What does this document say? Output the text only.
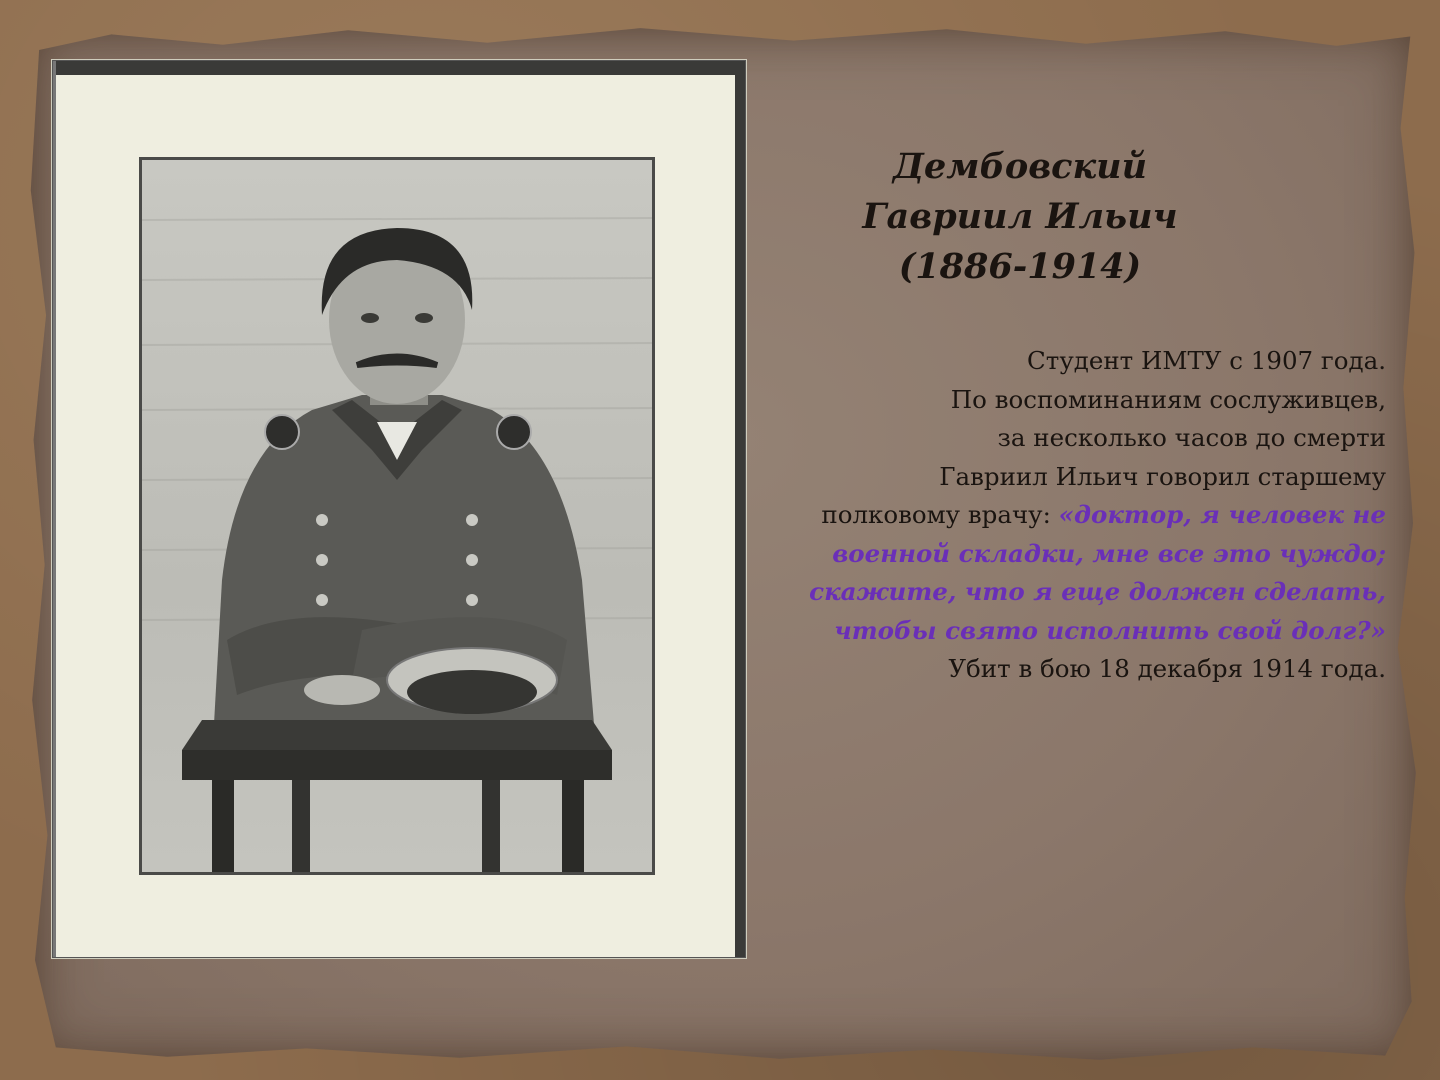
Дембовский
Гавриил Ильич
(1886-1914)
Студент ИМТУ с 1907 года.
По воспоминаниям сослуживцев,
за несколько часов до смерти
Гавриил Ильич говорил старшему
полковому врачу: «доктор, я человек не
военной складки, мне все это чуждо;
скажите, что я еще должен сделать,
чтобы свято исполнить свой долг?»
Убит в бою 18 декабря 1914 года.
